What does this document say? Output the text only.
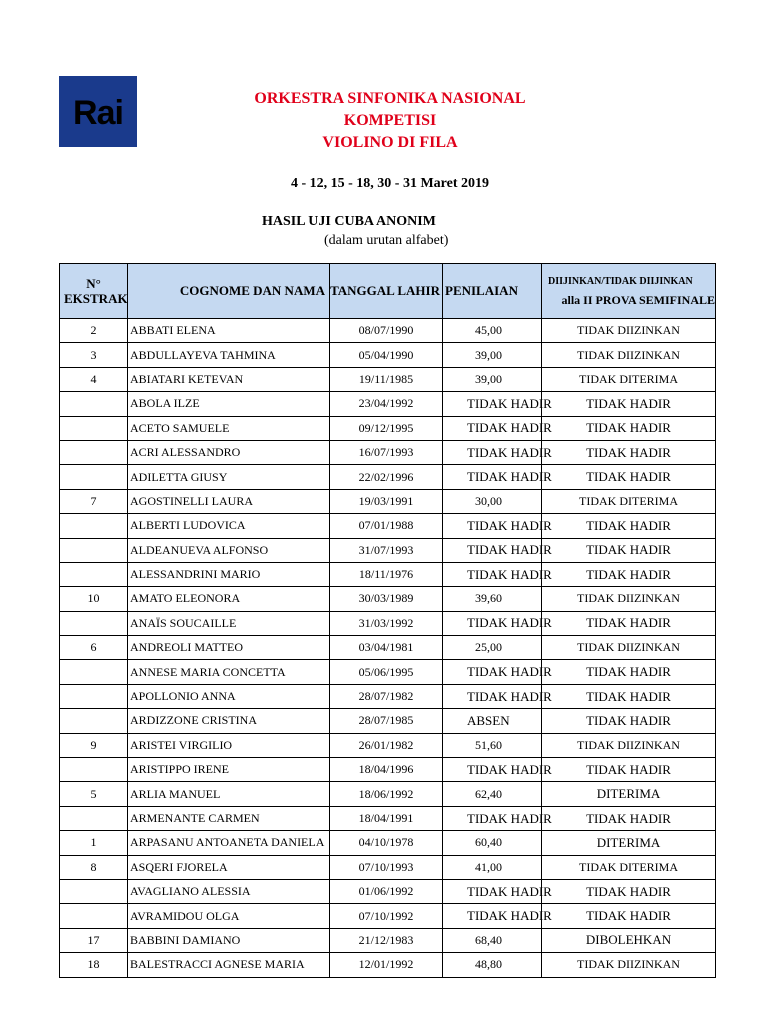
Rai	ORKESTRA SINFONIKA NASIONAL
KOMPETISI
VIOLINO DI FILA
4 - 12, 15 - 18, 30 - 31 Maret 2019
HASIL UJI CUBA ANONIM
(dalam urutan alfabet)
N°
EKSTRAK	COGNOME DAN NAMA	TANGGAL LAHIR	PENILAIAN	DIIJINKAN/TIDAK DIIJINKAN
alla II PROVA SEMIFINALE

2	ABBATI ELENA	08/07/1990	45,00	TIDAK DIIZINKAN
3	ABDULLAYEVA TAHMINA	05/04/1990	39,00	TIDAK DIIZINKAN
4	ABIATARI KETEVAN	19/11/1985	39,00	TIDAK DITERIMA
	ABOLA ILZE	23/04/1992	TIDAK HADIR	TIDAK HADIR
	ACETO SAMUELE	09/12/1995	TIDAK HADIR	TIDAK HADIR
	ACRI ALESSANDRO	16/07/1993	TIDAK HADIR	TIDAK HADIR
	ADILETTA GIUSY	22/02/1996	TIDAK HADIR	TIDAK HADIR
7	AGOSTINELLI LAURA	19/03/1991	30,00	TIDAK DITERIMA
	ALBERTI LUDOVICA	07/01/1988	TIDAK HADIR	TIDAK HADIR
	ALDEANUEVA ALFONSO	31/07/1993	TIDAK HADIR	TIDAK HADIR
	ALESSANDRINI MARIO	18/11/1976	TIDAK HADIR	TIDAK HADIR
10	AMATO ELEONORA	30/03/1989	39,60	TIDAK DIIZINKAN
	ANAÏS SOUCAILLE	31/03/1992	TIDAK HADIR	TIDAK HADIR
6	ANDREOLI MATTEO	03/04/1981	25,00	TIDAK DIIZINKAN
	ANNESE MARIA CONCETTA	05/06/1995	TIDAK HADIR	TIDAK HADIR
	APOLLONIO ANNA	28/07/1982	TIDAK HADIR	TIDAK HADIR
	ARDIZZONE CRISTINA	28/07/1985	ABSEN	TIDAK HADIR
9	ARISTEI VIRGILIO	26/01/1982	51,60	TIDAK DIIZINKAN
	ARISTIPPO IRENE	18/04/1996	TIDAK HADIR	TIDAK HADIR
5	ARLIA MANUEL	18/06/1992	62,40	DITERIMA
	ARMENANTE CARMEN	18/04/1991	TIDAK HADIR	TIDAK HADIR
1	ARPASANU ANTOANETA DANIELA	04/10/1978	60,40	DITERIMA
8	ASQERI FJORELA	07/10/1993	41,00	TIDAK DITERIMA
	AVAGLIANO ALESSIA	01/06/1992	TIDAK HADIR	TIDAK HADIR
	AVRAMIDOU OLGA	07/10/1992	TIDAK HADIR	TIDAK HADIR
17	BABBINI DAMIANO	21/12/1983	68,40	DIBOLEHKAN
18	BALESTRACCI AGNESE MARIA	12/01/1992	48,80	TIDAK DIIZINKAN
